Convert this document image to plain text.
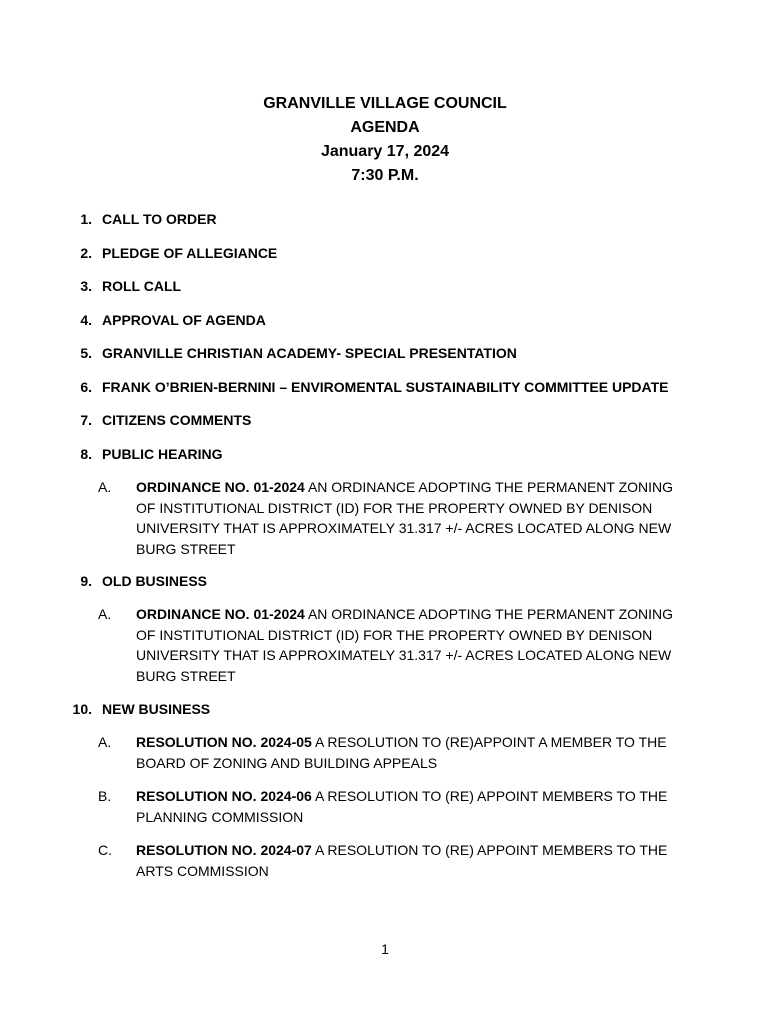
GRANVILLE VILLAGE COUNCIL
AGENDA
January 17, 2024
7:30 P.M.
1. CALL TO ORDER
2. PLEDGE OF ALLEGIANCE
3. ROLL CALL
4. APPROVAL OF AGENDA
5. GRANVILLE CHRISTIAN ACADEMY- SPECIAL PRESENTATION
6. FRANK O’BRIEN-BERNINI – ENVIROMENTAL SUSTAINABILITY COMMITTEE UPDATE
7. CITIZENS COMMENTS
8. PUBLIC HEARING
A. ORDINANCE NO. 01-2024 AN ORDINANCE ADOPTING THE PERMANENT ZONING OF INSTITUTIONAL DISTRICT (ID) FOR THE PROPERTY OWNED BY DENISON UNIVERSITY THAT IS APPROXIMATELY 31.317 +/- ACRES LOCATED ALONG NEW BURG STREET
9. OLD BUSINESS
A. ORDINANCE NO. 01-2024 AN ORDINANCE ADOPTING THE PERMANENT ZONING OF INSTITUTIONAL DISTRICT (ID) FOR THE PROPERTY OWNED BY DENISON UNIVERSITY THAT IS APPROXIMATELY 31.317 +/- ACRES LOCATED ALONG NEW BURG STREET
10. NEW BUSINESS
A. RESOLUTION NO. 2024-05 A RESOLUTION TO (RE)APPOINT A MEMBER TO THE BOARD OF ZONING AND BUILDING APPEALS
B. RESOLUTION NO. 2024-06 A RESOLUTION TO (RE) APPOINT MEMBERS TO THE PLANNING COMMISSION
C. RESOLUTION NO. 2024-07 A RESOLUTION TO (RE) APPOINT MEMBERS TO THE ARTS COMMISSION
1
